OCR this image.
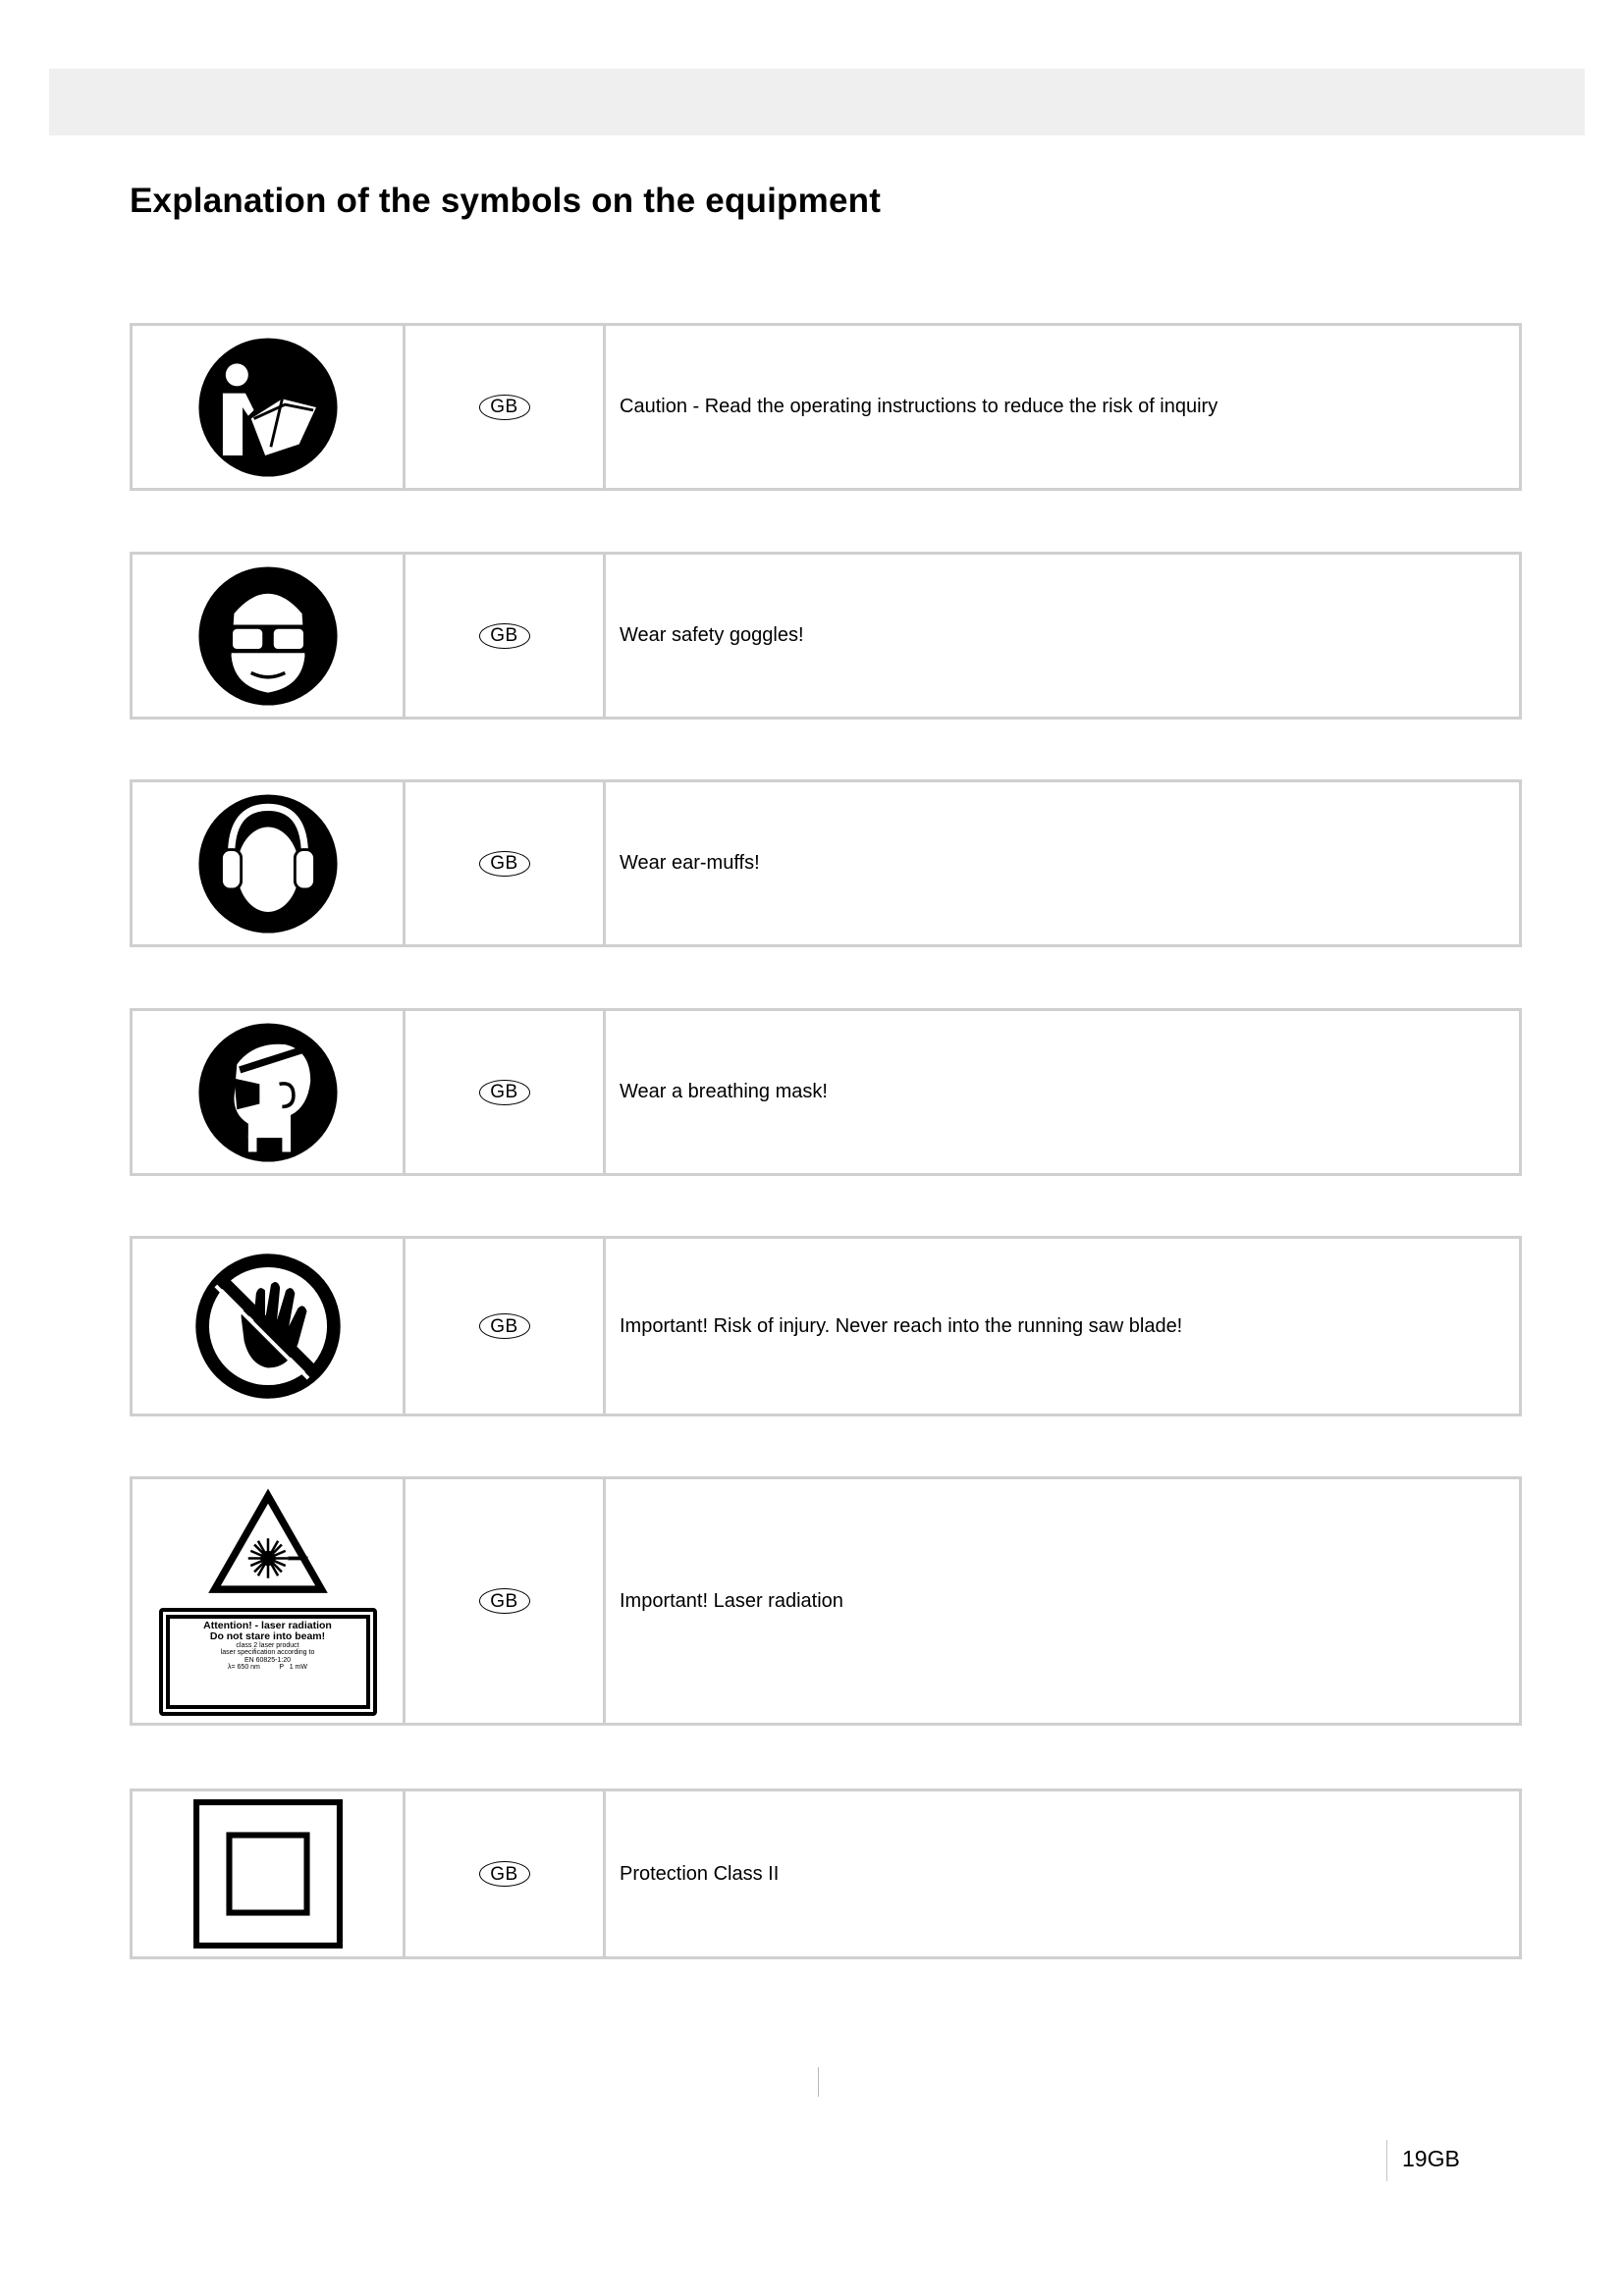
Explanation of the symbols on the equipment
GB	Caution - Read the operating instructions to reduce the risk of inquiry
GB	Wear safety goggles!
GB	Wear ear-muffs!
GB	Wear a breathing mask!
GB	Important! Risk of injury. Never reach into the running saw blade!
Attention! - laser radiation
Do not stare into beam!
class 2 laser product
laser specification according to
EN 60825-1:20
λ= 650 nm          P   1 mW
GB	Important! Laser radiation
GB	Protection Class II
19GB
